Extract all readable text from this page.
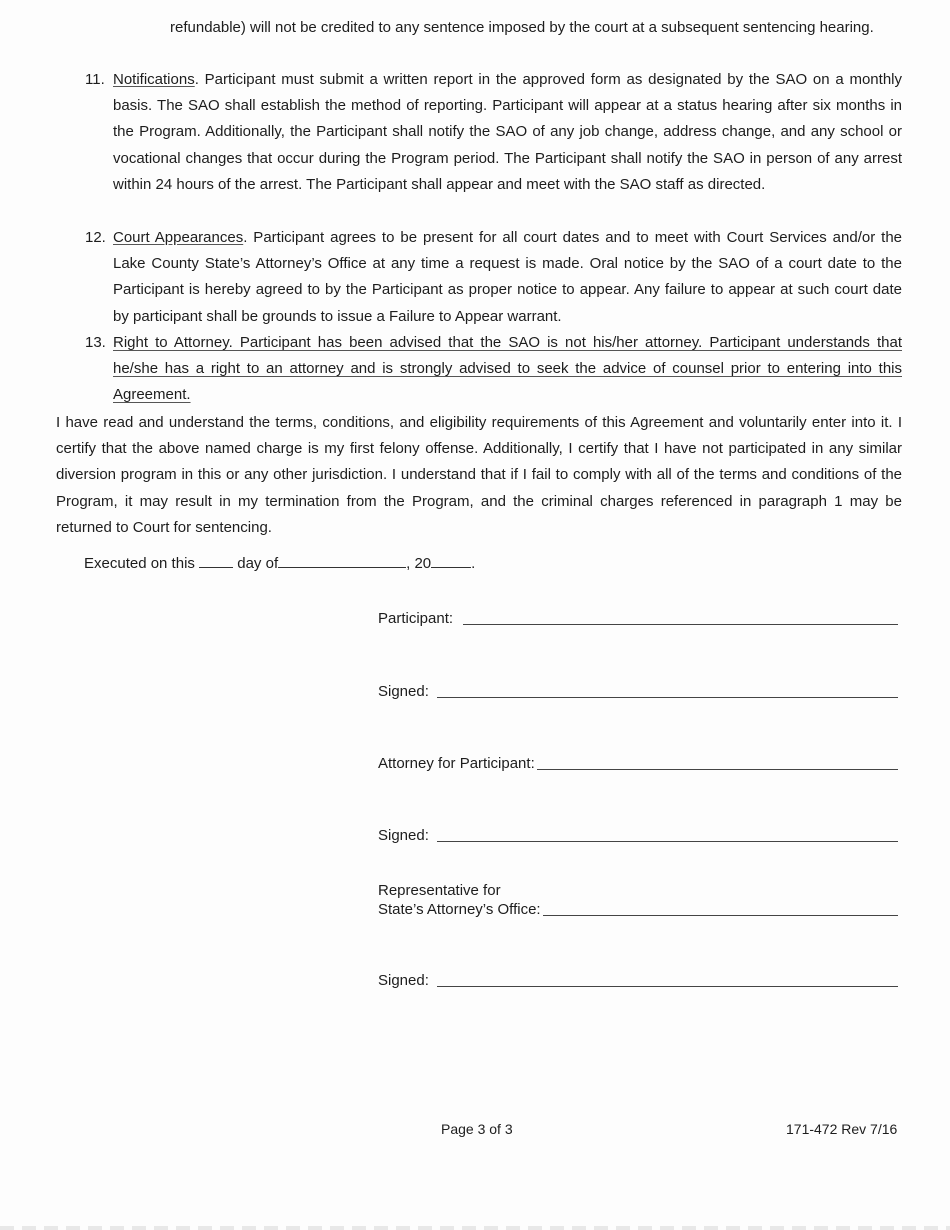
refundable) will not be credited to any sentence imposed by the court at a subsequent sentencing hearing.
11. Notifications. Participant must submit a written report in the approved form as designated by the SAO on a monthly basis. The SAO shall establish the method of reporting. Participant will appear at a status hearing after six months in the Program. Additionally, the Participant shall notify the SAO of any job change, address change, and any school or vocational changes that occur during the Program period. The Participant shall notify the SAO in person of any arrest within 24 hours of the arrest. The Participant shall appear and meet with the SAO staff as directed.
12. Court Appearances. Participant agrees to be present for all court dates and to meet with Court Services and/or the Lake County State’s Attorney’s Office at any time a request is made. Oral notice by the SAO of a court date to the Participant is hereby agreed to by the Participant as proper notice to appear. Any failure to appear at such court date by participant shall be grounds to issue a Failure to Appear warrant.
13. Right to Attorney. Participant has been advised that the SAO is not his/her attorney. Participant understands that he/she has a right to an attorney and is strongly advised to seek the advice of counsel prior to entering into this Agreement.
I have read and understand the terms, conditions, and eligibility requirements of this Agreement and voluntarily enter into it. I certify that the above named charge is my first felony offense. Additionally, I certify that I have not participated in any similar diversion program in this or any other jurisdiction. I understand that if I fail to comply with all of the terms and conditions of the Program, it may result in my termination from the Program, and the criminal charges referenced in paragraph 1 may be returned to Court for sentencing.
Executed on this	day of	, 20	.
Participant:
Signed:
Attorney for Participant:
Signed:
Representative for
State’s Attorney’s Office:
Signed:
Page 3 of 3	171-472 Rev 7/16
